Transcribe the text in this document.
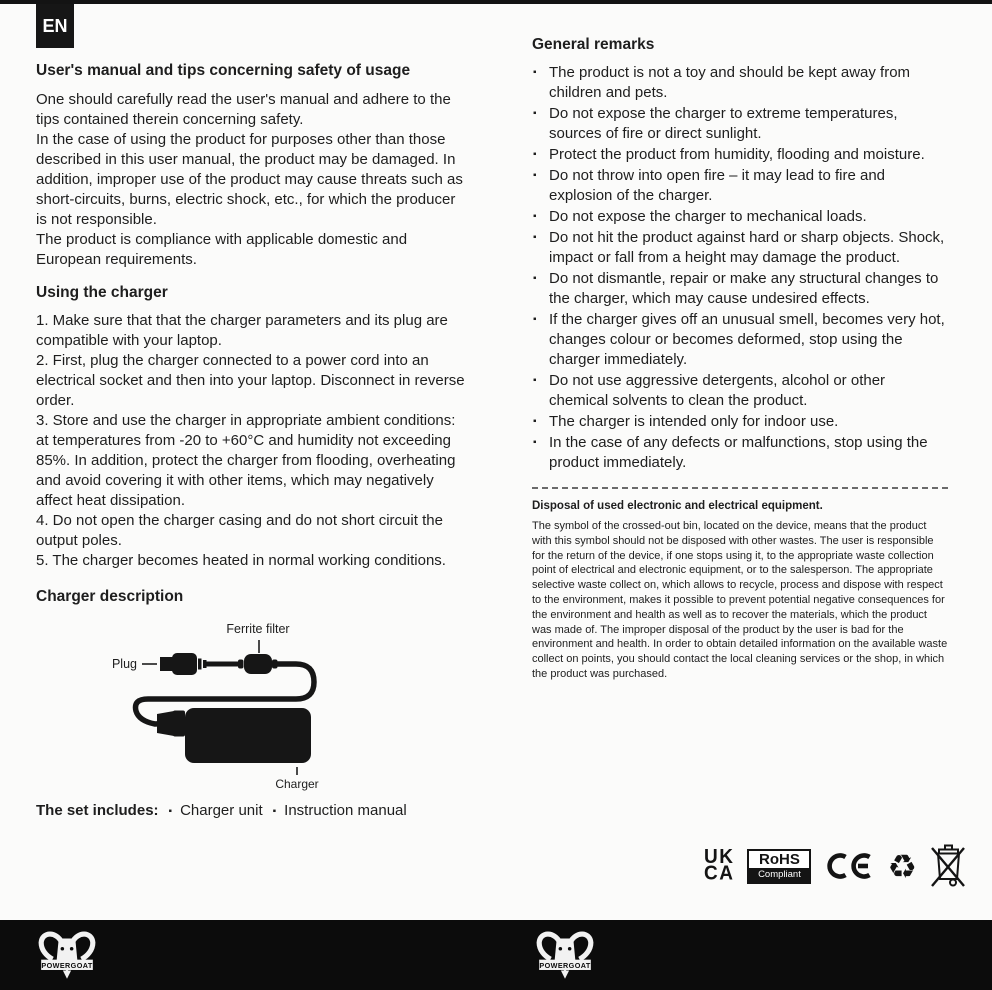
EN
User's manual and tips concerning safety of usage

One should carefully read the user's manual and adhere to the tips contained therein concerning safety.

In the case of using the product for purposes other than those described in this user manual, the product may be damaged. In addition, improper use of the product may cause threats such as short-circuits, burns, electric shock, etc., for which the producer is not responsible.

The product is compliance with applicable domestic and European requirements.

Using the charger
1. Make sure that that the charger parameters and its plug are compatible with your laptop.
2. First, plug the charger connected to a power cord into an electrical socket and then into your laptop. Disconnect in reverse order.
3. Store and use the charger in appropriate ambient conditions: at temperatures from -20 to +60°C and humidity not exceeding 85%. In addition, protect the charger from flooding, overheating and avoid covering it with other items, which may negatively affect heat dissipation.
4. Do not open the charger casing and do not short circuit the output poles.
5. The charger becomes heated in normal working conditions.
Charger description
Ferrite filter
Plug
Charger
The set includes: ▪ Charger unit ▪ Instruction manual
General remarks
▪ The product is not a toy and should be kept away from children and pets.
▪ Do not expose the charger to extreme temperatures, sources of fire or direct sunlight.
▪ Protect the product from humidity, flooding and moisture.
▪ Do not throw into open fire – it may lead to fire and explosion of the charger.
▪ Do not expose the charger to mechanical loads.
▪ Do not hit the product against hard or sharp objects. Shock, impact or fall from a height may damage the product.
▪ Do not dismantle, repair or make any structural changes to the charger, which may cause undesired effects.
▪ If the charger gives off an unusual smell, becomes very hot, changes colour or becomes deformed, stop using the charger immediately.
▪ Do not use aggressive detergents, alcohol or other chemical solvents to clean the product.
▪ The charger is intended only for indoor use.
▪ In the case of any defects or malfunctions, stop using the product immediately.
Disposal of used electronic and electrical equipment.
The symbol of the crossed-out bin, located on the device, means that the product with this symbol should not be disposed with other wastes. The user is responsible for the return of the device, if one stops using it, to the appropriate waste collection point of electrical and electronic equipment, or to the salesperson. The appropriate selective waste collect on, which allows to recycle, process and dispose with respect to the environment, makes it possible to prevent potential negative consequences for the environment and health as well as to recover the materials, which the product was made of. The improper disposal of the product by the user is bad for the environment and health. In order to obtain detailed information on the available waste collect on points, you should contact the local cleaning services or the shop, in which the product was purchased.
UK
CA
RoHS
Compliant	♻
POWERGOAT	POWERGOAT
